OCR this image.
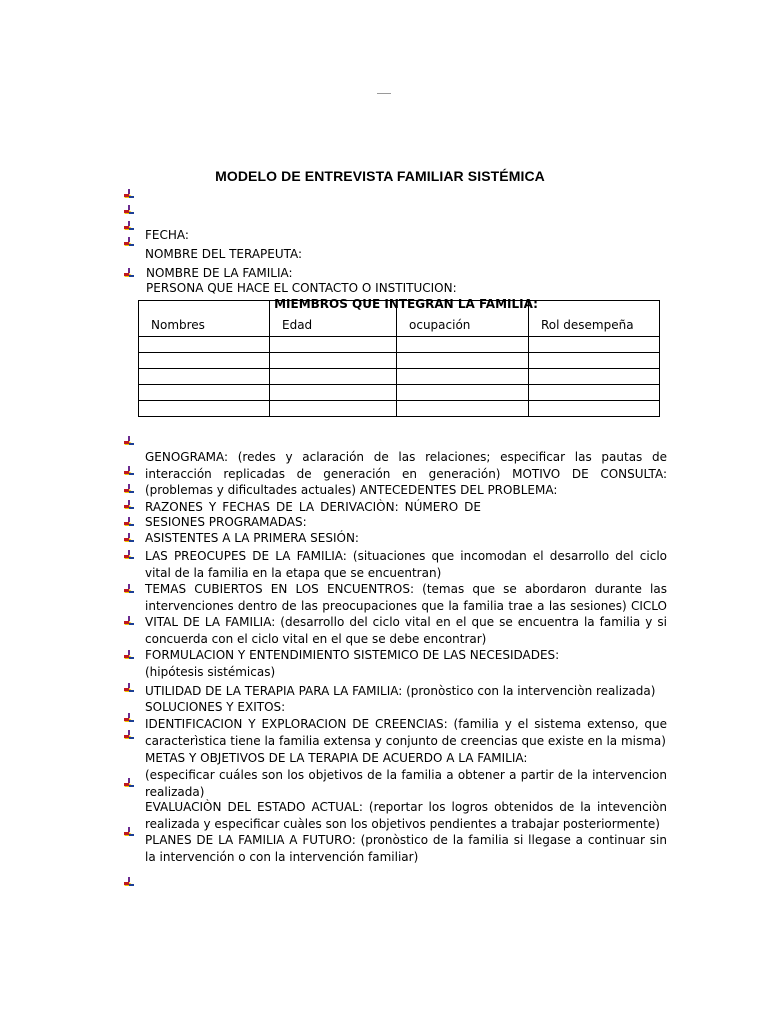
MODELO DE ENTREVISTA FAMILIAR SISTÉMICA
FECHA:
NOMBRE DEL TERAPEUTA:
NOMBRE DE LA FAMILIA:
PERSONA QUE HACE EL CONTACTO O INSTITUCION:
Nombres	Edad	ocupación	Rol desempeña

MIEMBROS QUE INTEGRAN LA FAMILIA:
GENOGRAMA: (redes y aclaración de las relaciones; especificar las pautas de interacción replicadas de generación en generación) MOTIVO DE CONSULTA: (problemas y dificultades actuales) ANTECEDENTES DEL PROBLEMA:
RAZONES Y FECHAS DE LA DERIVACIÒN: NÚMERO DE
SESIONES PROGRAMADAS:
ASISTENTES A LA PRIMERA SESIÓN:
LAS PREOCUPES DE LA FAMILIA: (situaciones que incomodan el desarrollo del ciclo vital de la familia en la etapa que se encuentran)
TEMAS CUBIERTOS EN LOS ENCUENTROS: (temas que se abordaron durante las intervenciones dentro de las preocupaciones que la familia trae a las sesiones) CICLO VITAL DE LA FAMILIA: (desarrollo del ciclo vital en el que se encuentra la familia y si concuerda con el ciclo vital en el que se debe encontrar)
FORMULACION Y ENTENDIMIENTO SISTEMICO DE LAS NECESIDADES:
(hipótesis sistémicas)
UTILIDAD DE LA TERAPIA PARA LA FAMILIA: (pronòstico con la intervenciòn realizada)
SOLUCIONES Y EXITOS:
IDENTIFICACION Y EXPLORACION DE CREENCIAS: (familia y el sistema extenso, que caracterìstica tiene la familia extensa y conjunto de creencias que existe en la misma)
METAS Y OBJETIVOS DE LA TERAPIA DE ACUERDO A LA FAMILIA:
(especificar cuáles son los objetivos de la familia a obtener a partir de la intervencion realizada)
EVALUACIÒN DEL ESTADO ACTUAL: (reportar los logros obtenidos de la intevenciòn realizada y especificar cuàles son los objetivos pendientes a trabajar posteriormente)
PLANES DE LA FAMILIA A FUTURO: (pronòstico de la familia si llegase a continuar sin la intervención o con la intervención familiar)
